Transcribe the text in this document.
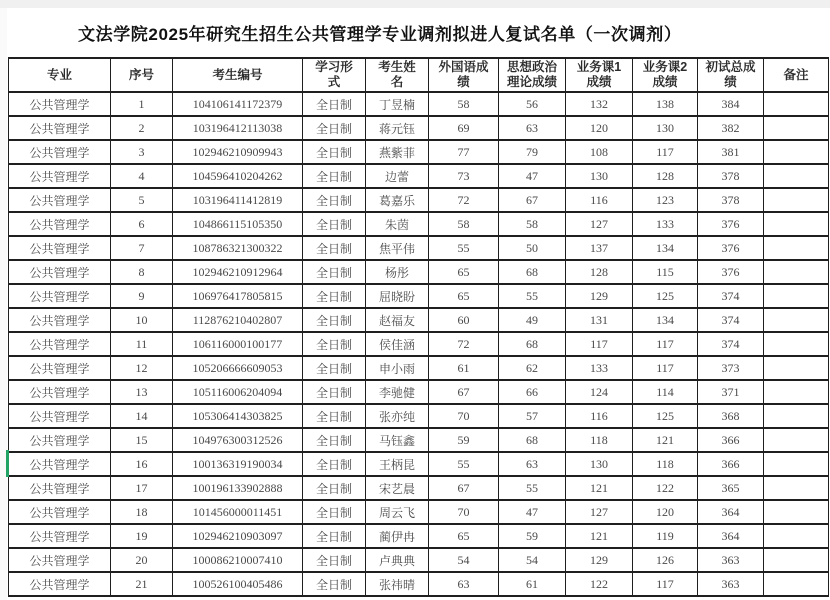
文法学院2025年研究生招生公共管理学专业调剂拟进人复试名单（一次调剂）
专业	序号	考生编号	学习形式	考生姓名	外国语成绩	思想政治理论成绩	业务课1成绩	业务课2成绩	初试总成绩	备注
公共管理学	1	104106141172379	全日制	丁昱楠	58	56	132	138	384	
公共管理学	2	103196412113038	全日制	蒋元钰	69	63	120	130	382	
公共管理学	3	102946210909943	全日制	燕紫菲	77	79	108	117	381	
公共管理学	4	104596410204262	全日制	边蕾	73	47	130	128	378	
公共管理学	5	103196411412819	全日制	葛嘉乐	72	67	116	123	378	
公共管理学	6	104866115105350	全日制	朱茵	58	58	127	133	376	
公共管理学	7	108786321300322	全日制	焦平伟	55	50	137	134	376	
公共管理学	8	102946210912964	全日制	杨彤	65	68	128	115	376	
公共管理学	9	106976417805815	全日制	屈晓盼	65	55	129	125	374	
公共管理学	10	112876210402807	全日制	赵福友	60	49	131	134	374	
公共管理学	11	106116000100177	全日制	侯佳涵	72	68	117	117	374	
公共管理学	12	105206666609053	全日制	申小雨	61	62	133	117	373	
公共管理学	13	105116006204094	全日制	李驰健	67	66	124	114	371	
公共管理学	14	105306414303825	全日制	张亦纯	70	57	116	125	368	
公共管理学	15	104976300312526	全日制	马钰鑫	59	68	118	121	366	
公共管理学	16	100136319190034	全日制	王柄昆	55	63	130	118	366	
公共管理学	17	100196133902888	全日制	宋艺晨	67	55	121	122	365	
公共管理学	18	101456000011451	全日制	周云飞	70	47	127	120	364	
公共管理学	19	102946210903097	全日制	蔺伊冉	65	59	121	119	364	
公共管理学	20	100086210007410	全日制	卢典典	54	54	129	126	363	
公共管理学	21	100526100405486	全日制	张祎晴	63	61	122	117	363	
